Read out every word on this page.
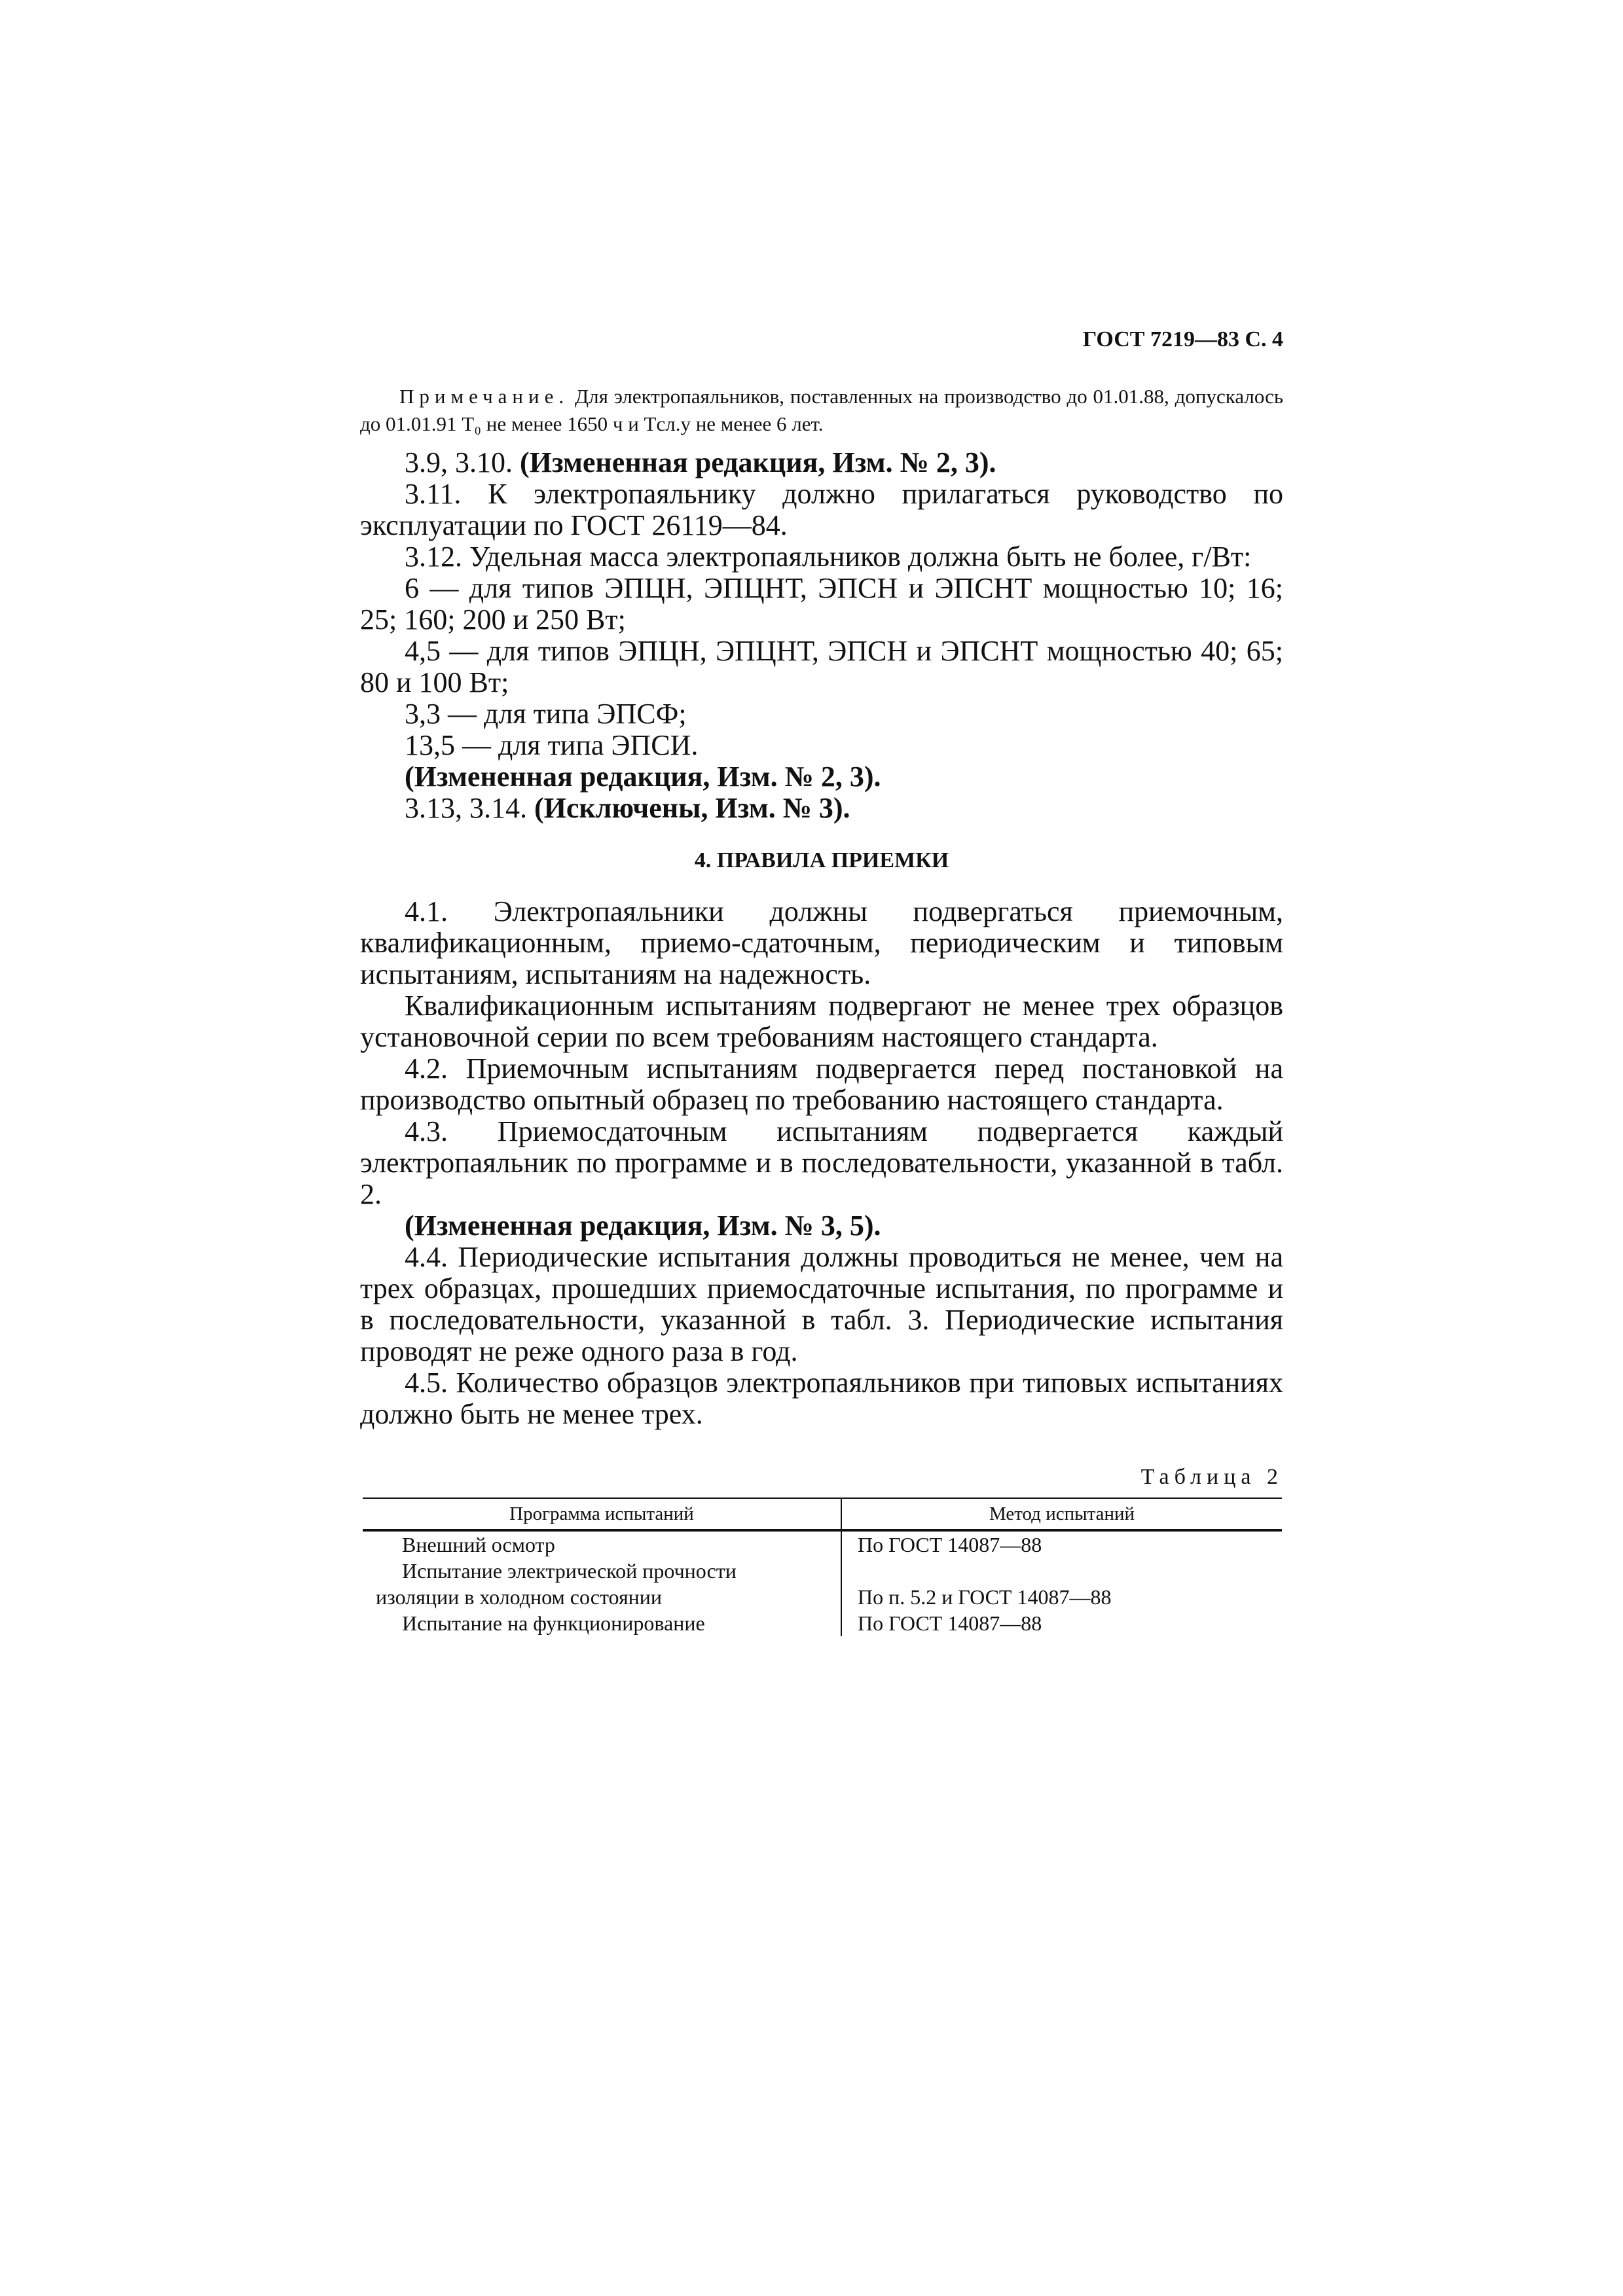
ГОСТ 7219—83 С. 4
Примечание. Для электропаяльников, поставленных на производство до 01.01.88, допускалось до 01.01.91 T₀ не менее 1650 ч и Tсл.у не менее 6 лет.

3.9, 3.10. (Измененная редакция, Изм. № 2, 3).

3.11. К электропаяльнику должно прилагаться руководство по эксплуатации по ГОСТ 26119—84.

3.12. Удельная масса электропаяльников должна быть не более, г/Вт:

6 — для типов ЭПЦН, ЭПЦНТ, ЭПСН и ЭПСНТ мощностью 10; 16; 25; 160; 200 и 250 Вт;

4,5 — для типов ЭПЦН, ЭПЦНТ, ЭПСН и ЭПСНТ мощностью 40; 65; 80 и 100 Вт;

3,3 — для типа ЭПСФ;

13,5 — для типа ЭПСИ.

(Измененная редакция, Изм. № 2, 3).

3.13, 3.14. (Исключены, Изм. № 3).

4. ПРАВИЛА ПРИЕМКИ

4.1. Электропаяльники должны подвергаться приемочным, квалификационным, приемо-сдаточным, периодическим и типовым испытаниям, испытаниям на надежность.

Квалификационным испытаниям подвергают не менее трех образцов установочной серии по всем требованиям настоящего стандарта.

4.2. Приемочным испытаниям подвергается перед постановкой на производство опытный образец по требованию настоящего стандарта.

4.3. Приемосдаточным испытаниям подвергается каждый электропаяльник по программе и в последовательности, указанной в табл. 2.

(Измененная редакция, Изм. № 3, 5).

4.4. Периодические испытания должны проводиться не менее, чем на трех образцах, прошедших приемосдаточные испытания, по программе и в последовательности, указанной в табл. 3. Периодические испытания проводят не реже одного раза в год.

4.5. Количество образцов электропаяльников при типовых испытаниях должно быть не менее трех.

Таблица 2
Программа испытаний	Метод испытаний
Внешний осмотр	По ГОСТ 14087—88

Испытание электрической прочности
изоляции в холодном состоянии	По п. 5.2 и ГОСТ 14087—88
Испытание на функционирование	По ГОСТ 14087—88
